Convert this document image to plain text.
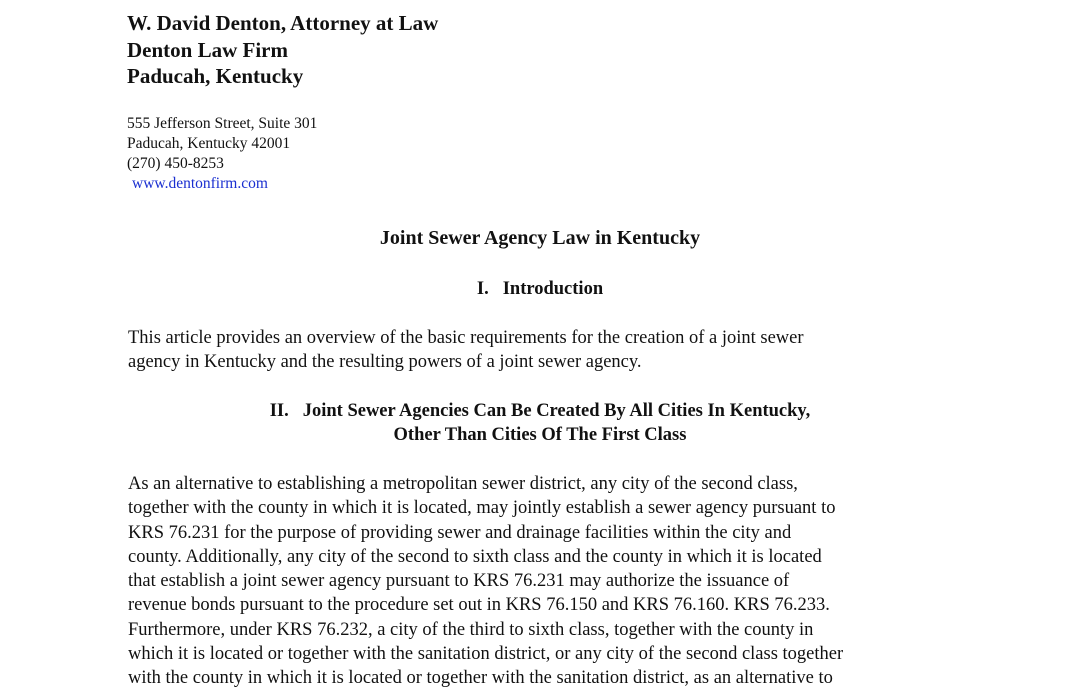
W. David Denton, Attorney at Law
Denton Law Firm
Paducah, Kentucky
555 Jefferson Street, Suite 301
Paducah, Kentucky 42001
(270) 450-8253
www.dentonfirm.com
Joint Sewer Agency Law in Kentucky
I. Introduction
This article provides an overview of the basic requirements for the creation of a joint sewer
agency in Kentucky and the resulting powers of a joint sewer agency.
II. Joint Sewer Agencies Can Be Created By All Cities In Kentucky,
Other Than Cities Of The First Class
As an alternative to establishing a metropolitan sewer district, any city of the second class,
together with the county in which it is located, may jointly establish a sewer agency pursuant to
KRS 76.231 for the purpose of providing sewer and drainage facilities within the city and
county. Additionally, any city of the second to sixth class and the county in which it is located
that establish a joint sewer agency pursuant to KRS 76.231 may authorize the issuance of
revenue bonds pursuant to the procedure set out in KRS 76.150 and KRS 76.160. KRS 76.233.
Furthermore, under KRS 76.232, a city of the third to sixth class, together with the county in
which it is located or together with the sanitation district, or any city of the second class together
with the county in which it is located or together with the sanitation district, as an alternative to
